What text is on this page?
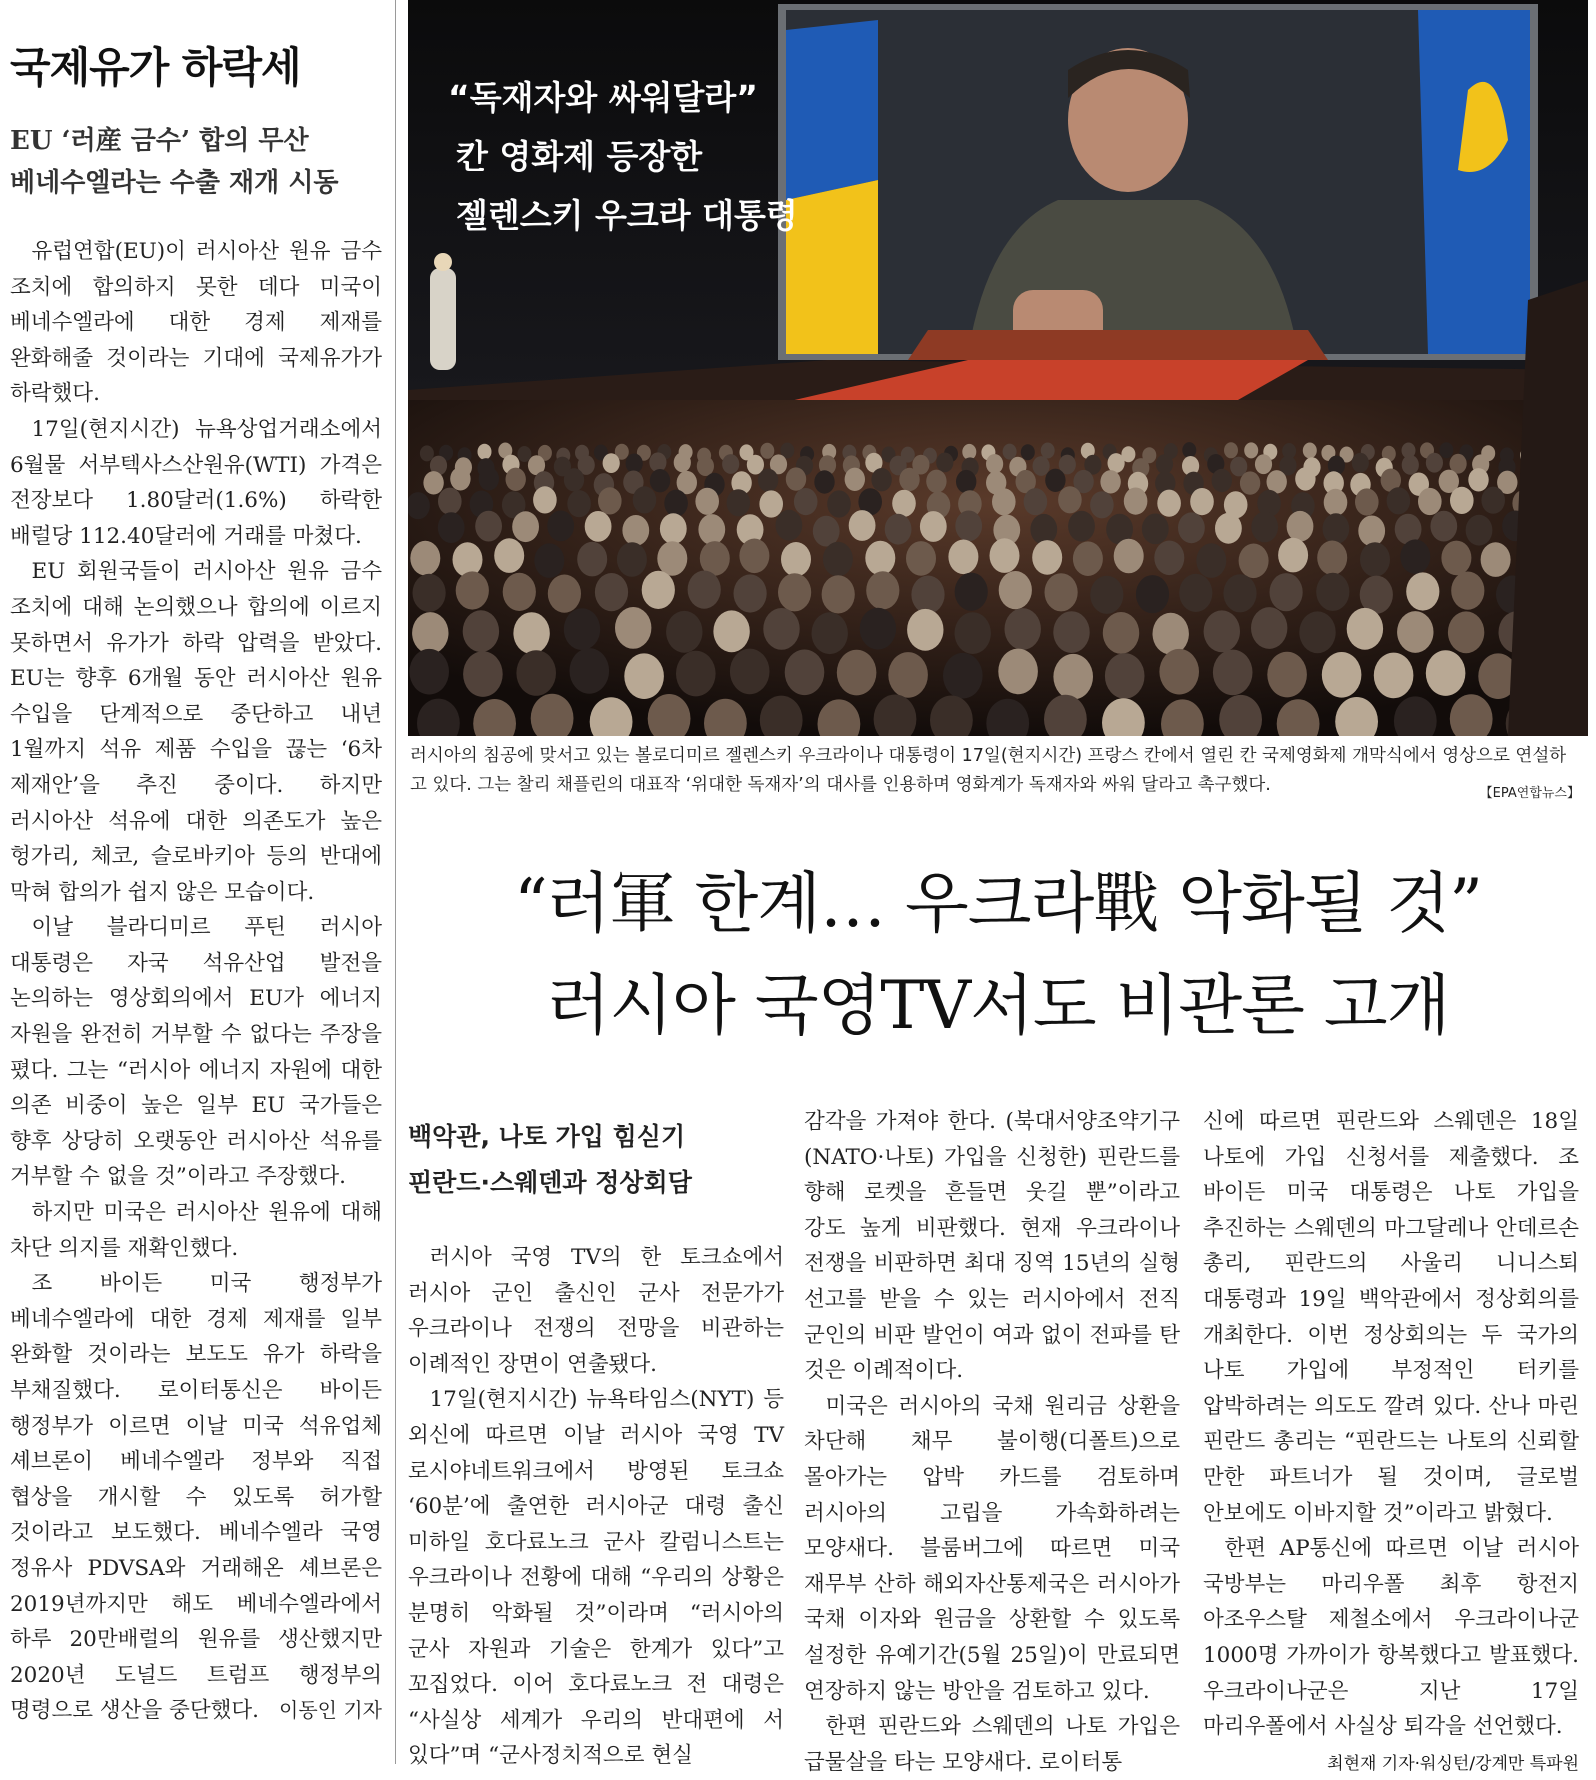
국제유가 하락세
EU ‘러産 금수’ 합의 무산
베네수엘라는 수출 재개 시동

유럽연합(EU)이 러시아산 원유 금수 조치에 합의하지 못한 데다 미국이 베네수엘라에 대한 경제 제재를 완화해줄 것이라는 기대에 국제유가가 하락했다.

17일(현지시간) 뉴욕상업거래소에서 6월물 서부텍사스산원유(WTI) 가격은 전장보다 1.80달러(1.6%) 하락한 배럴당 112.40달러에 거래를 마쳤다.

EU 회원국들이 러시아산 원유 금수 조치에 대해 논의했으나 합의에 이르지 못하면서 유가가 하락 압력을 받았다. EU는 향후 6개월 동안 러시아산 원유 수입을 단계적으로 중단하고 내년 1월까지 석유 제품 수입을 끊는 ‘6차 제재안’을 추진 중이다. 하지만 러시아산 석유에 대한 의존도가 높은 헝가리, 체코, 슬로바키아 등의 반대에 막혀 합의가 쉽지 않은 모습이다.

이날 블라디미르 푸틴 러시아 대통령은 자국 석유산업 발전을 논의하는 영상회의에서 EU가 에너지 자원을 완전히 거부할 수 없다는 주장을 폈다. 그는 “러시아 에너지 자원에 대한 의존 비중이 높은 일부 EU 국가들은 향후 상당히 오랫동안 러시아산 석유를 거부할 수 없을 것”이라고 주장했다.

하지만 미국은 러시아산 원유에 대해 차단 의지를 재확인했다.

조 바이든 미국 행정부가 베네수엘라에 대한 경제 제재를 일부 완화할 것이라는 보도도 유가 하락을 부채질했다. 로이터통신은 바이든 행정부가 이르면 이날 미국 석유업체 셰브론이 베네수엘라 정부와 직접 협상을 개시할 수 있도록 허가할 것이라고 보도했다. 베네수엘라 국영 정유사 PDVSA와 거래해온 셰브론은 2019년까지만 해도 베네수엘라에서 하루 20만배럴의 원유를 생산했지만 2020년 도널드 트럼프 행정부의 명령으로 생산을 중단했다.	이동인 기자
“독재자와 싸워달라”
칸 영화제 등장한
젤렌스키 우크라 대통령
러시아의 침공에 맞서고 있는 볼로디미르 젤렌스키 우크라이나 대통령이 17일(현지시간) 프랑스 칸에서 열린 칸 국제영화제 개막식에서 영상으로 연설하고 있다. 그는 찰리 채플린의 대표작 ‘위대한 독재자’의 대사를 인용하며 영화계가 독재자와 싸워 달라고 촉구했다.	【EPA연합뉴스】
“러軍 한계… 우크라戰 악화될 것”
러시아 국영TV서도 비관론 고개
백악관, 나토 가입 힘싣기
핀란드·스웨덴과 정상회담

러시아 국영 TV의 한 토크쇼에서 러시아 군인 출신인 군사 전문가가 우크라이나 전쟁의 전망을 비관하는 이례적인 장면이 연출됐다.

17일(현지시간) 뉴욕타임스(NYT) 등 외신에 따르면 이날 러시아 국영 TV 로시야네트워크에서 방영된 토크쇼 ‘60분’에 출연한 러시아군 대령 출신 미하일 호다료노크 군사 칼럼니스트는 우크라이나 전황에 대해 “우리의 상황은 분명히 악화될 것”이라며 “러시아의 군사 자원과 기술은 한계가 있다”고 꼬집었다. 이어 호다료노크 전 대령은 “사실상 세계가 우리의 반대편에 서 있다”며 “군사정치적으로 현실

감각을 가져야 한다. (북대서양조약기구(NATO·나토) 가입을 신청한) 핀란드를 향해 로켓을 흔들면 웃길 뿐”이라고 강도 높게 비판했다. 현재 우크라이나 전쟁을 비판하면 최대 징역 15년의 실형 선고를 받을 수 있는 러시아에서 전직 군인의 비판 발언이 여과 없이 전파를 탄 것은 이례적이다.

미국은 러시아의 국채 원리금 상환을 차단해 채무 불이행(디폴트)으로 몰아가는 압박 카드를 검토하며 러시아의 고립을 가속화하려는 모양새다. 블룸버그에 따르면 미국 재무부 산하 해외자산통제국은 러시아가 국채 이자와 원금을 상환할 수 있도록 설정한 유예기간(5월 25일)이 만료되면 연장하지 않는 방안을 검토하고 있다.

한편 핀란드와 스웨덴의 나토 가입은 급물살을 타는 모양새다. 로이터통

신에 따르면 핀란드와 스웨덴은 18일 나토에 가입 신청서를 제출했다. 조 바이든 미국 대통령은 나토 가입을 추진하는 스웨덴의 마그달레나 안데르손 총리, 핀란드의 사울리 니니스퇴 대통령과 19일 백악관에서 정상회의를 개최한다. 이번 정상회의는 두 국가의 나토 가입에 부정적인 터키를 압박하려는 의도도 깔려 있다. 산나 마린 핀란드 총리는 “핀란드는 나토의 신뢰할 만한 파트너가 될 것이며, 글로벌 안보에도 이바지할 것”이라고 밝혔다.

한편 AP통신에 따르면 이날 러시아 국방부는 마리우폴 최후 항전지 아조우스탈 제철소에서 우크라이나군 1000명 가까이가 항복했다고 발표했다. 우크라이나군은 지난 17일 마리우폴에서 사실상 퇴각을 선언했다.

최현재 기자·워싱턴/강계만 특파원
